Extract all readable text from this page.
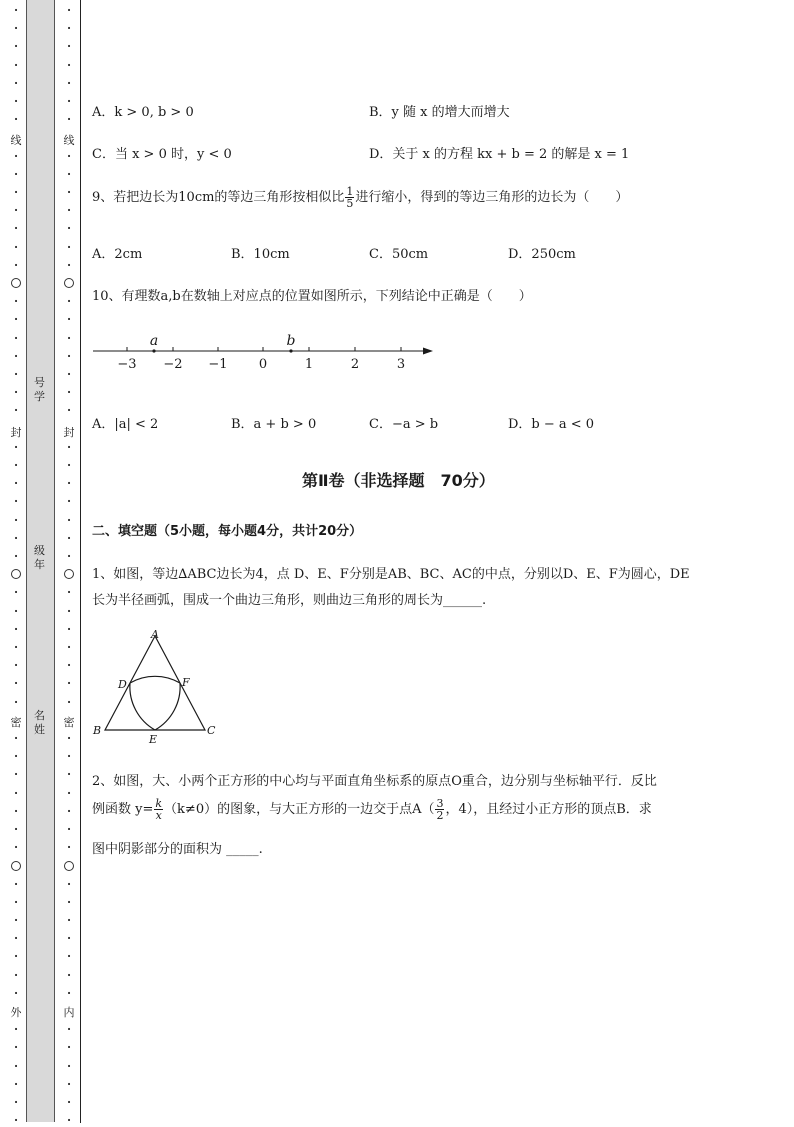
·
·
·
·
·
·
·
·
·
·
·
·
·
·
·
·
·
·
·
·
·
·
·
·
·
·
·
·
·
·
·
·
·
·
·
·
·
·
·
·
·
·
·
·
·
·
·
·
·
·
·
·
·
·
·
·
·
·
·
·
·
·
·
·
·
·
·
·
·
·
·
·
·
·
·
·
·
·
·
·
·
·
·
·
·
·
·
·
·
·
·
·
·
·
·
·
·
·
·
·
·
·
·
·
·
·
·
·
·
·
线
封
密
外
线
封
密
内
号
学
级
年
名
姓
A．k > 0, b > 0	B．y 随 x 的增大而增大
C．当 x > 0 时，y < 0	D．关于 x 的方程 kx + b = 2 的解是 x = 1
9、若把边长为10cm的等边三角形按相似比 $\frac{1}{5}$ 进行缩小，得到的等边三角形的边长为（　　）
A．2cm	B．10cm	C．50cm	D．250cm
10、有理数a,b在数轴上对应点的位置如图所示，下列结论中正确是（　　）
−3 −2 −1 0	1	2	3
a	b
A．|a| < 2	B．a + b > 0	C．−a > b	D．b − a < 0
第Ⅱ卷（非选择题　70分）
二、填空题（5小题，每小题4分，共计20分）
1、如图，等边∆ABC边长为4，点 D、E、F分别是AB、BC、AC的中点，分别以D、E、F为圆心，DE
长为半径画弧，围成一个曲边三角形，则曲边三角形的周长为______.
A
B	C
D
E
F
2、如图，大、小两个正方形的中心均与平面直角坐标系的原点O重合，边分别与坐标轴平行．反比
例函数 $y= \frac{k}{x} (k\ne 0)$的图象，与大正方形的一边交于点$A( \frac{3}{2}$ ，4），且经过小正方形的顶点B．求
图中阴影部分的面积为 _____.
